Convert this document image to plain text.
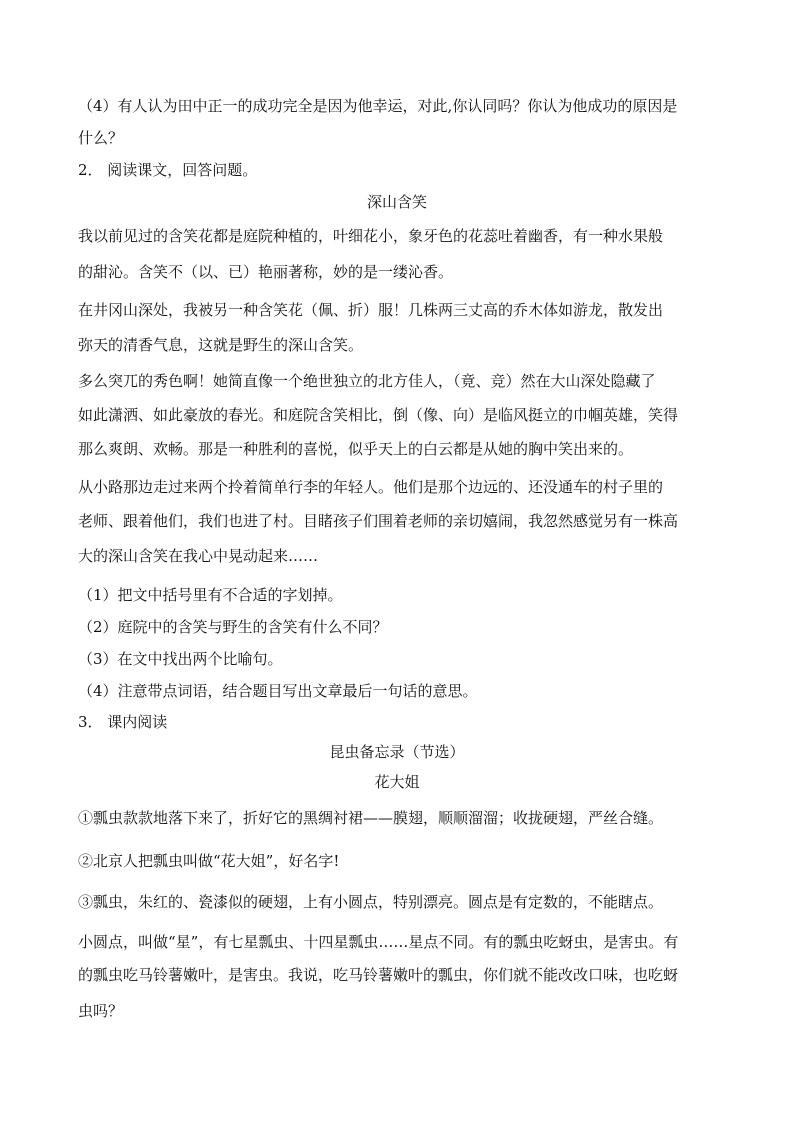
（4）有人认为田中正一的成功完全是因为他幸运，对此,你认同吗？你认为他成功的原因是
什么？
2． 阅读课文，回答问题。
深山含笑
我以前见过的含笑花都是庭院种植的，叶细花小，象牙色的花蕊吐着幽香，有一种水果般
的甜沁。含笑不（以、已）艳丽著称，妙的是一缕沁香。
在井冈山深处，我被另一种含笑花（佩、折）服！几株两三丈高的乔木体如游龙，散发出
弥天的清香气息，这就是野生的深山含笑。
多么突兀的秀色啊！她简直像一个绝世独立的北方佳人，（竟、竞）然在大山深处隐藏了
如此潇洒、如此豪放的春光。和庭院含笑相比，倒（像、向）是临风挺立的巾帼英雄，笑得
那么爽朗、欢畅。那是一种胜利的喜悦，似乎天上的白云都是从她的胸中笑出来的。
从小路那边走过来两个拎着简单行李的年轻人。他们是那个边远的、还没通车的村子里的
老师、跟着他们，我们也进了村。目睹孩子们围着老师的亲切嬉闹，我忽然感觉另有一株高
大的深山含笑在我心中晃动起来……
（1）把文中括号里有不合适的字划掉。
（2）庭院中的含笑与野生的含笑有什么不同？
（3）在文中找出两个比喻句。
（4）注意带点词语，结合题目写出文章最后一句话的意思。
3． 课内阅读
昆虫备忘录（节选）
花大姐
①瓢虫款款地落下来了，折好它的黑绸衬裙——膜翅，顺顺溜溜；收拢硬翅，严丝合缝。
②北京人把瓢虫叫做“花大姐”，好名字!
③瓢虫，朱红的、瓷漆似的硬翅，上有小圆点，特别漂亮。圆点是有定数的，不能瞎点。
小圆点，叫做“星”，有七星瓢虫、十四星瓢虫……星点不同。有的瓢虫吃蚜虫，是害虫。有
的瓢虫吃马铃薯嫩叶，是害虫。我说，吃马铃薯嫩叶的瓢虫，你们就不能改改口味，也吃蚜
虫吗？
